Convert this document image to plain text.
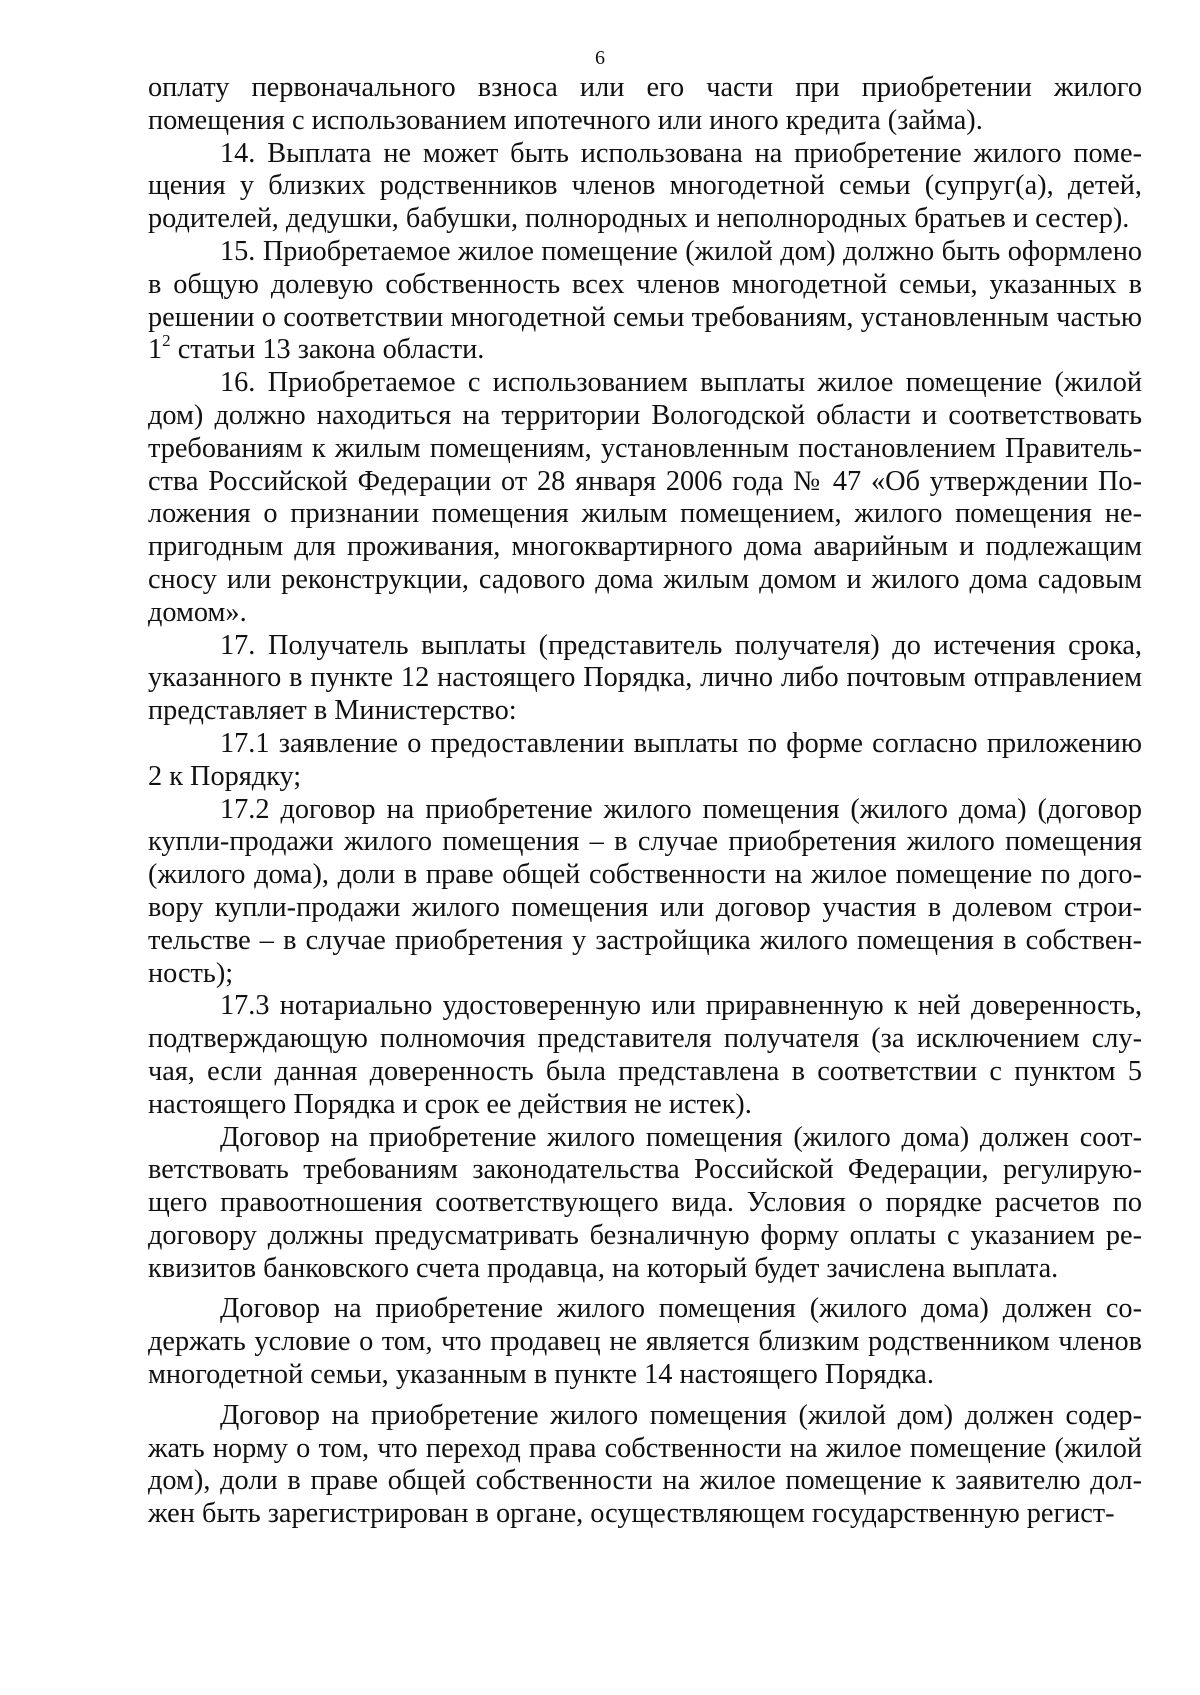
6

оплату первоначального взноса или его части при приобретении жилого помещения с использованием ипотечного или иного кредита (займа).

14. Выплата не может быть использована на приобретение жилого помещения у близких родственников членов многодетной семьи (супруг(а), детей, родителей, дедушки, бабушки, полнородных и неполнородных братьев и сестер).

15. Приобретаемое жилое помещение (жилой дом) должно быть оформлено в общую долевую собственность всех членов многодетной семьи, указанных в решении о соответствии многодетной семьи требованиям, установленным частью $1^2$ статьи 13 закона области.

16. Приобретаемое с использованием выплаты жилое помещение (жилой дом) должно находиться на территории Вологодской области и соответствовать требованиям к жилым помещениям, установленным постановлением Правительства Российской Федерации от 28 января 2006 года № 47 «Об утверждении Положения о признании помещения жилым помещением, жилого помещения непригодным для проживания, многоквартирного дома аварийным и подлежащим сносу или реконструкции, садового дома жилым домом и жилого дома садовым домом».

17. Получатель выплаты (представитель получателя) до истечения срока, указанного в пункте 12 настоящего Порядка, лично либо почтовым отправлением представляет в Министерство:

17.1 заявление о предоставлении выплаты по форме согласно приложению 2 к Порядку;

17.2 договор на приобретение жилого помещения (жилого дома) (договор купли-продажи жилого помещения – в случае приобретения жилого помещения (жилого дома), доли в праве общей собственности на жилое помещение по договору купли-продажи жилого помещения или договор участия в долевом строительстве – в случае приобретения у застройщика жилого помещения в собственность);

17.3 нотариально удостоверенную или приравненную к ней доверенность, подтверждающую полномочия представителя получателя (за исключением случая, если данная доверенность была представлена в соответствии с пунктом 5 настоящего Порядка и срок ее действия не истек).

Договор на приобретение жилого помещения (жилого дома) должен соответствовать требованиям законодательства Российской Федерации, регулирующего правоотношения соответствующего вида. Условия о порядке расчетов по договору должны предусматривать безналичную форму оплаты с указанием реквизитов банковского счета продавца, на который будет зачислена выплата.

Договор на приобретение жилого помещения (жилого дома) должен содержать условие о том, что продавец не является близким родственником членов многодетной семьи, указанным в пункте 14 настоящего Порядка.

Договор на приобретение жилого помещения (жилой дом) должен содержать норму о том, что переход права собственности на жилое помещение (жилой дом), доли в праве общей собственности на жилое помещение к заявителю должен быть зарегистрирован в органе, осуществляющем государственную регист-
